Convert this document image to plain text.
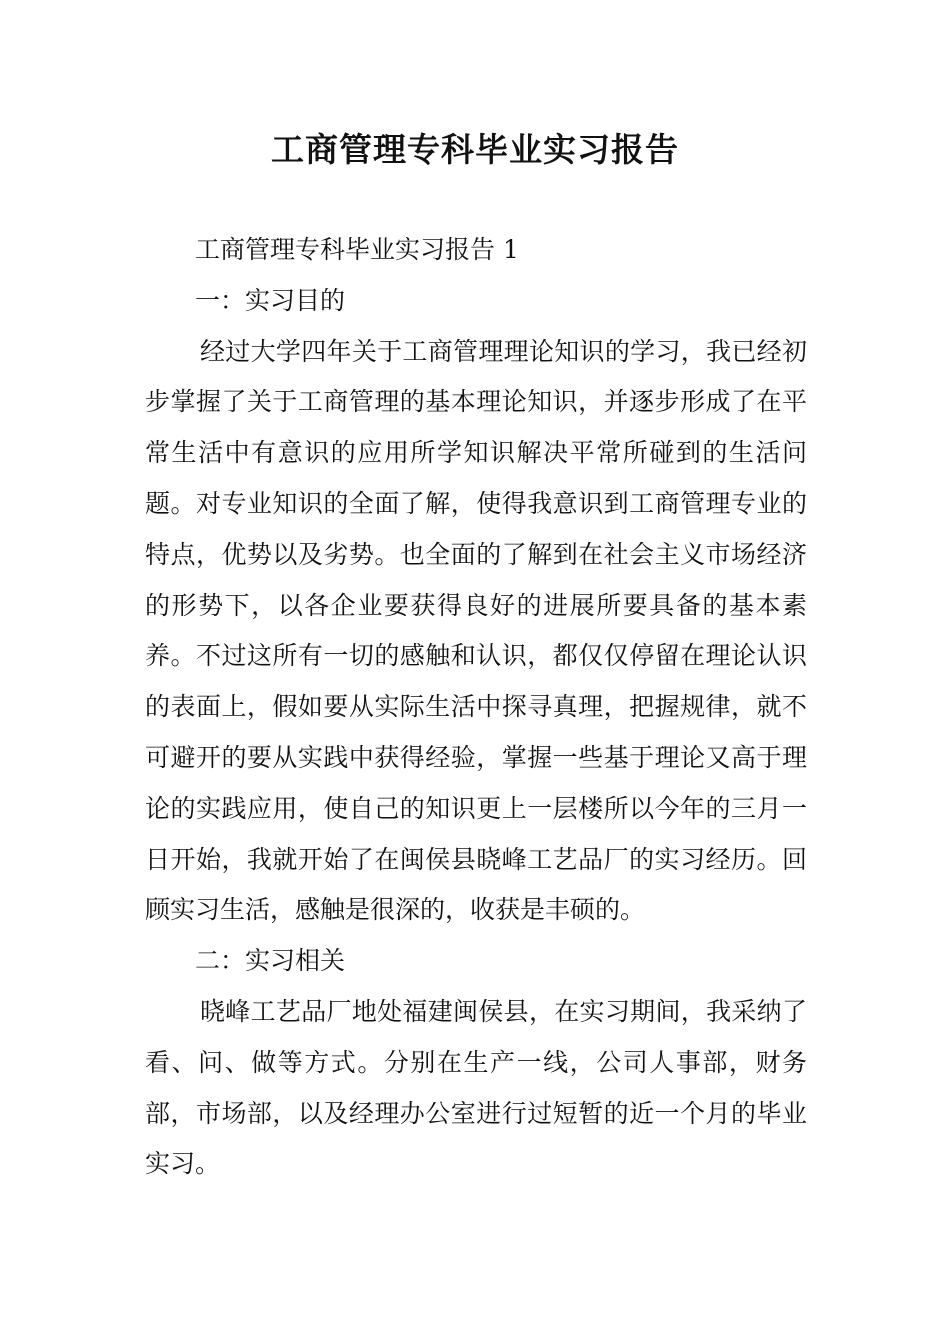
工商管理专科毕业实习报告

工商管理专科毕业实习报告 1

一：实习目的

经过大学四年关于工商管理理论知识的学习，我已经初步掌握了关于工商管理的基本理论知识，并逐步形成了在平常生活中有意识的应用所学知识解决平常所碰到的生活问题。对专业知识的全面了解，使得我意识到工商管理专业的特点，优势以及劣势。也全面的了解到在社会主义市场经济的形势下，以各企业要获得良好的进展所要具备的基本素养。不过这所有一切的感触和认识，都仅仅停留在理论认识的表面上，假如要从实际生活中探寻真理，把握规律，就不可避开的要从实践中获得经验，掌握一些基于理论又高于理论的实践应用，使自己的知识更上一层楼所以今年的三月一日开始，我就开始了在闽侯县晓峰工艺品厂的实习经历。回顾实习生活，感触是很深的，收获是丰硕的。

二：实习相关

晓峰工艺品厂地处福建闽侯县，在实习期间，我采纳了看、问、做等方式。分别在生产一线，公司人事部，财务部，市场部，以及经理办公室进行过短暂的近一个月的毕业实习。
